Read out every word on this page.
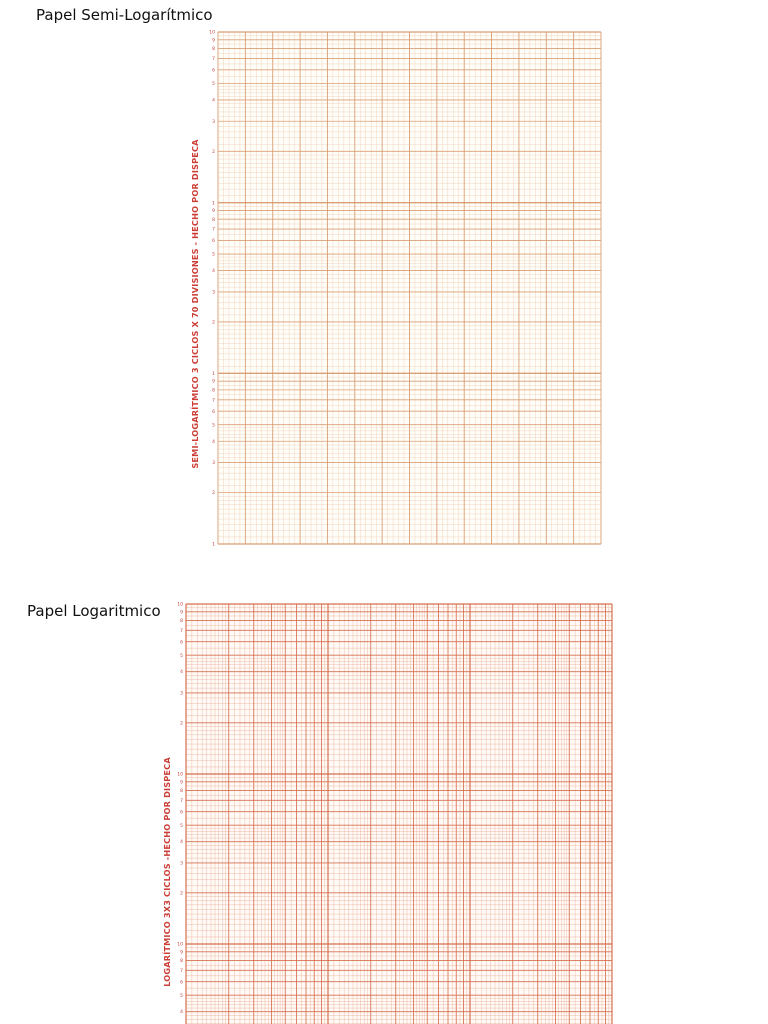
Papel Semi-Logarítmico
1
2
3
4
5
6
7
8
9
1
2
3
4
5
6
7
8
9
1
2
3
4
5
6
7
8
9
10
SEMI-LOGARÍTMICO 3 CICLOS X 70 DIVISIONES - HECHO POR DISPECA
Papel Logaritmico
2
3
4
5
6
7
8
9
10
2
3
4
5
6
7
8
9
10
4
5
6
7
8
9
10
LOGARÍTMICO 3X3 CICLOS -HECHO POR DISPECA
